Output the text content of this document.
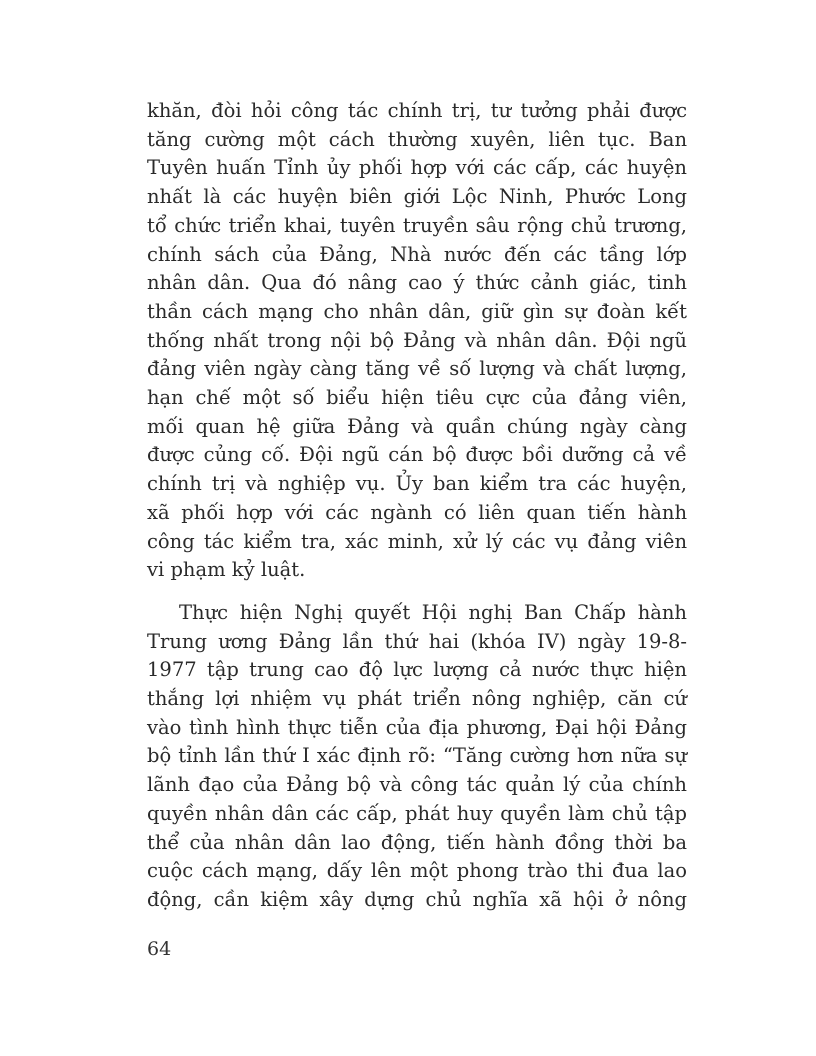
khăn, đòi hỏi công tác chính trị, tư tưởng phải được
tăng cường một cách thường xuyên, liên tục. Ban
Tuyên huấn Tỉnh ủy phối hợp với các cấp, các huyện
nhất là các huyện biên giới Lộc Ninh, Phước Long
tổ chức triển khai, tuyên truyền sâu rộng chủ trương,
chính sách của Đảng, Nhà nước đến các tầng lớp
nhân dân. Qua đó nâng cao ý thức cảnh giác, tinh
thần cách mạng cho nhân dân, giữ gìn sự đoàn kết
thống nhất trong nội bộ Đảng và nhân dân. Đội ngũ
đảng viên ngày càng tăng về số lượng và chất lượng,
hạn chế một số biểu hiện tiêu cực của đảng viên,
mối quan hệ giữa Đảng và quần chúng ngày càng
được củng cố. Đội ngũ cán bộ được bồi dưỡng cả về
chính trị và nghiệp vụ. Ủy ban kiểm tra các huyện,
xã phối hợp với các ngành có liên quan tiến hành
công tác kiểm tra, xác minh, xử lý các vụ đảng viên
vi phạm kỷ luật.
Thực hiện Nghị quyết Hội nghị Ban Chấp hành
Trung ương Đảng lần thứ hai (khóa IV) ngày 19-8-
1977 tập trung cao độ lực lượng cả nước thực hiện
thắng lợi nhiệm vụ phát triển nông nghiệp, căn cứ
vào tình hình thực tiễn của địa phương, Đại hội Đảng
bộ tỉnh lần thứ I xác định rõ: “Tăng cường hơn nữa sự
lãnh đạo của Đảng bộ và công tác quản lý của chính
quyền nhân dân các cấp, phát huy quyền làm chủ tập
thể của nhân dân lao động, tiến hành đồng thời ba
cuộc cách mạng, dấy lên một phong trào thi đua lao
động, cần kiệm xây dựng chủ nghĩa xã hội ở nông
64
